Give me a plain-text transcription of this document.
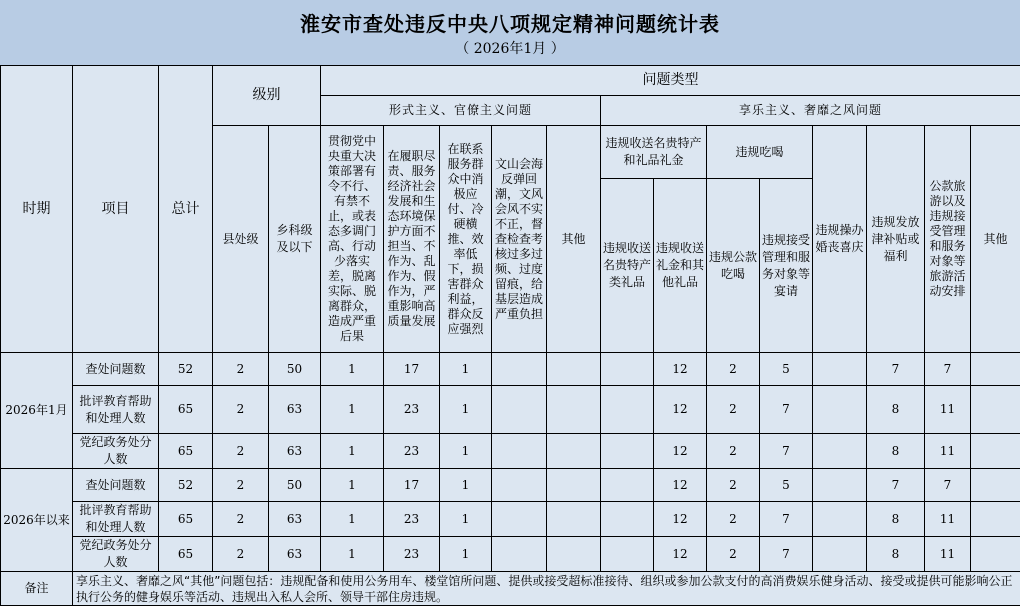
淮安市查处违反中央八项规定精神问题统计表
（ 2026年1月 ）
时期	项目	总计	级别		问题类型												
					形式主义、官僚主义问题					享乐主义、奢靡之风问题							
			县处级	乡科级及以下	贯彻党中央重大决策部署有令不行、有禁不止，或表态多调门高、行动少落实差，脱离实际、脱离群众，造成严重后果	在履职尽责、服务经济社会发展和生态环境保护方面不担当、不作为、乱作为、假作为，严重影响高质量发展	在联系服务群众中消极应付、冷硬横推、效率低下，损害群众利益，群众反应强烈	文山会海反弹回潮，文风会风不实不正，督查检查考核过多过频、过度留痕，给基层造成严重负担	其他	违规收送名贵特产和礼品礼金		违规吃喝		违规操办婚丧喜庆	违规发放津补贴或福利	公款旅游以及违规接受管理和服务对象等旅游活动安排	其他
										违规收送名贵特产类礼品	违规收送礼金和其他礼品	违规公款吃喝	违规接受管理和服务对象等宴请				
2026年1月	查处问题数	52	2	50	1	17	1				12	2	5		7	7	
	批评教育帮助和处理人数	65	2	63	1	23	1				12	2	7		8	11	
	党纪政务处分人数	65	2	63	1	23	1				12	2	7		8	11	
2026年以来	查处问题数	52	2	50	1	17	1				12	2	5		7	7	
	批评教育帮助和处理人数	65	2	63	1	23	1				12	2	7		8	11	
	党纪政务处分人数	65	2	63	1	23	1				12	2	7		8	11	
备注	享乐主义、奢靡之风“其他”问题包括：违规配备和使用公务用车、楼堂馆所问题、提供或接受超标准接待、组织或参加公款支付的高消费娱乐健身活动、接受或提供可能影响公正执行公务的健身娱乐等活动、违规出入私人会所、领导干部住房违规。																
